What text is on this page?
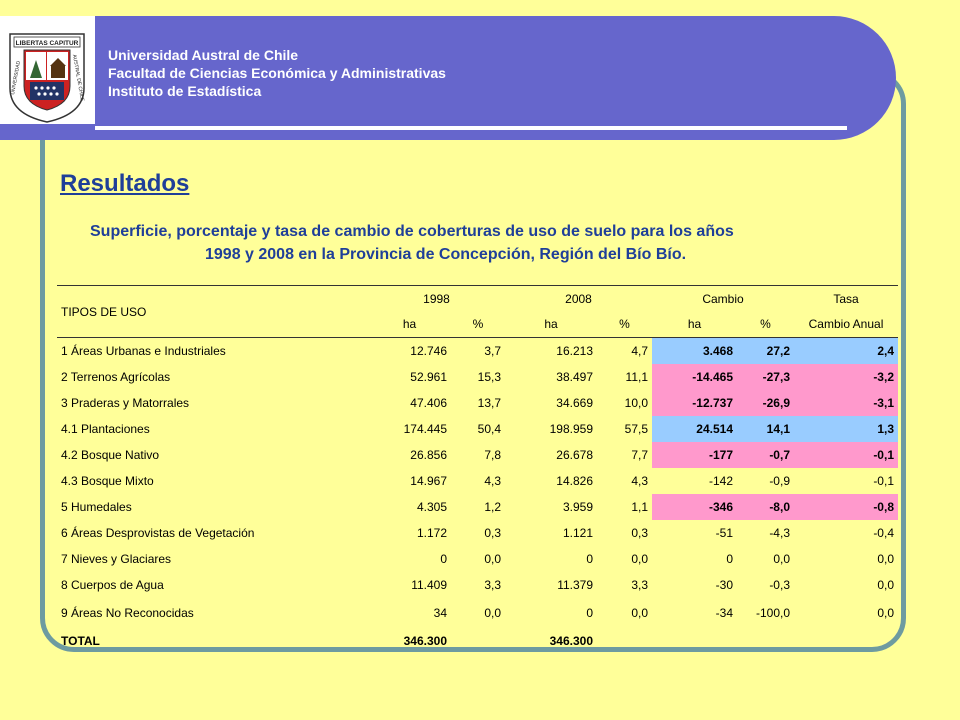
LIBERTAS CAPITUR
UNIVERSIDAD	AUSTRAL DE CHILE Universidad Austral de Chile
Facultad de Ciencias Económica y Administrativas
Instituto de Estadística
Resultados
Superficie, porcentaje y tasa de cambio de coberturas de uso de suelo para los años
1998 y 2008 en la Provincia de Concepción, Región del Bío Bío.
TIPOS DE USO	1998		2008		Cambio		Tasa
	ha	%	ha	%	ha	%	Cambio Anual
1 Áreas Urbanas e Industriales	12.746	3,7	16.213	4,7	3.468	27,2	2,4
2 Terrenos Agrícolas	52.961	15,3	38.497	11,1	-14.465	-27,3	-3,2
3 Praderas y Matorrales	47.406	13,7	34.669	10,0	-12.737	-26,9	-3,1
4.1 Plantaciones	174.445	50,4	198.959	57,5	24.514	14,1	1,3
4.2 Bosque Nativo	26.856	7,8	26.678	7,7	-177	-0,7	-0,1
4.3 Bosque Mixto	14.967	4,3	14.826	4,3	-142	-0,9	-0,1
5 Humedales	4.305	1,2	3.959	1,1	-346	-8,0	-0,8
6 Áreas Desprovistas de Vegetación	1.172	0,3	1.121	0,3	-51	-4,3	-0,4
7 Nieves y Glaciares	0	0,0	0	0,0	0	0,0	0,0
8 Cuerpos de Agua	11.409	3,3	11.379	3,3	-30	-0,3	0,0
9 Áreas No Reconocidas	34	0,0	0	0,0	-34	-100,0	0,0
TOTAL	346.300		346.300				
